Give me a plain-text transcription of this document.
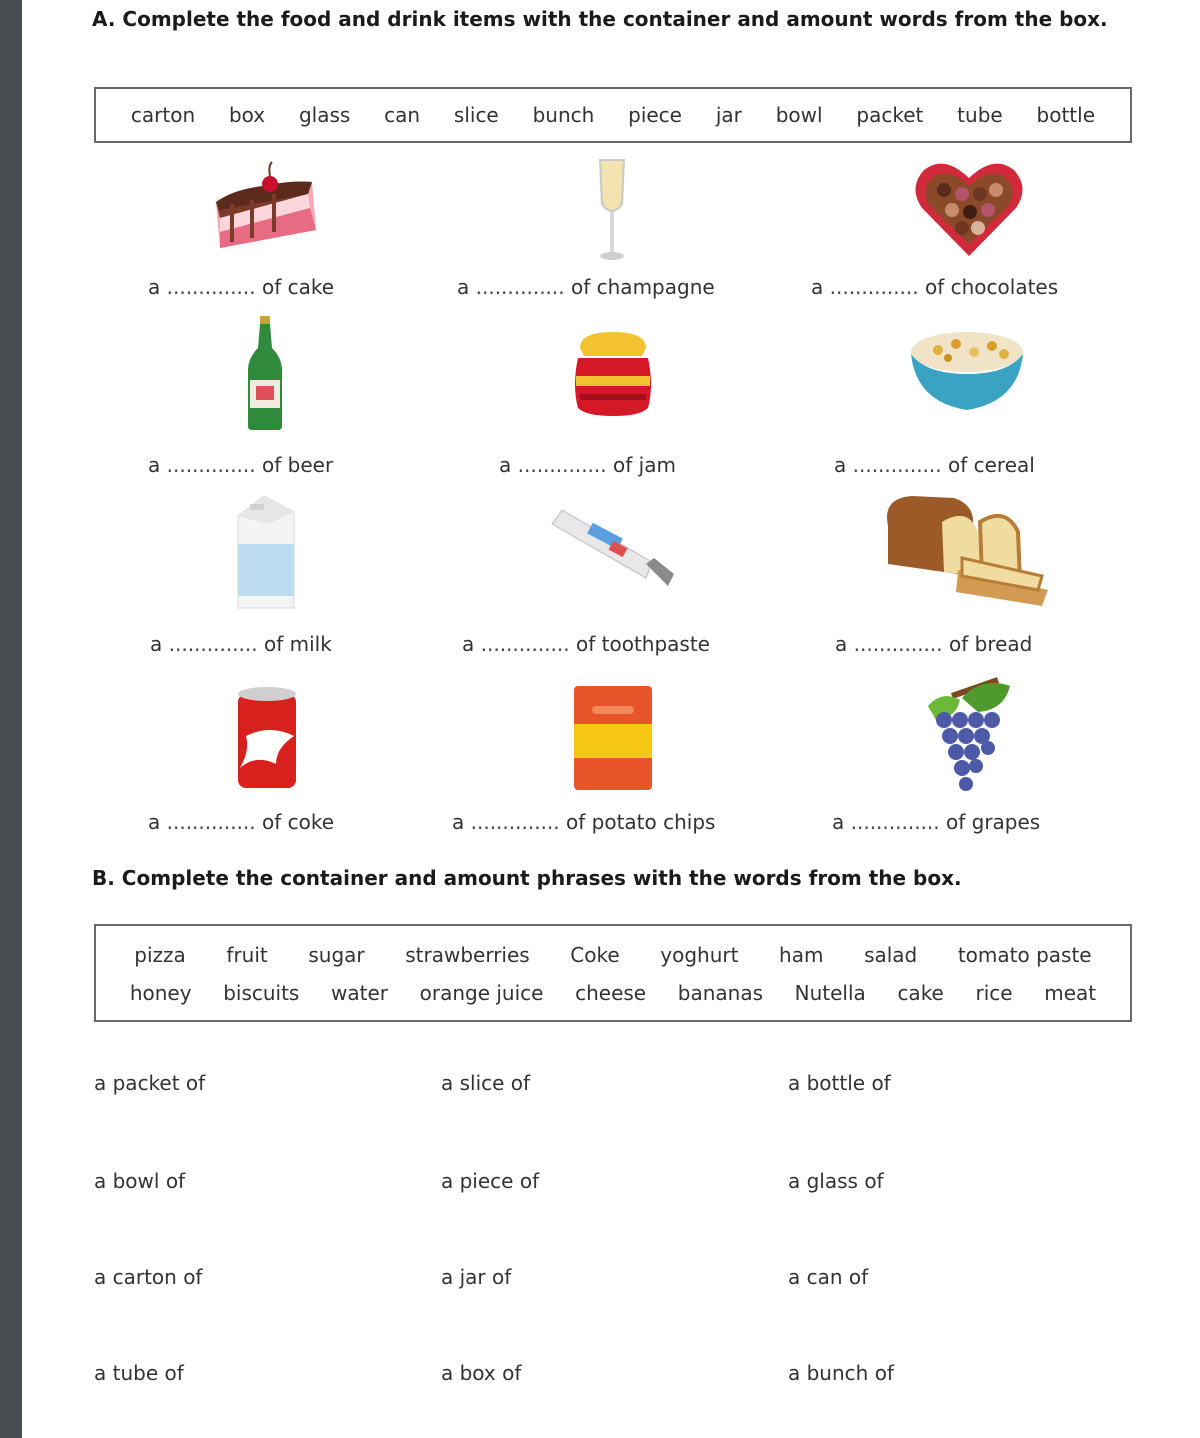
A. Complete the food and drink items with the container and amount words from the box.
carton box glass can slice bunch piece jar bowl packet tube bottle
a .............. of cake	a .............. of champagne	a .............. of chocolates
a .............. of beer	a .............. of jam	a .............. of cereal
a .............. of milk	a .............. of toothpaste	a .............. of bread
a .............. of coke	a .............. of potato chips	a .............. of grapes
B. Complete the container and amount phrases with the words from the box.
pizza fruit sugar strawberries Coke yoghurt ham salad tomato paste
honey biscuits water orange juice cheese bananas Nutella cake rice meat
a packet of	a slice of	a bottle of
a bowl of	a piece of	a glass of
a carton of	a jar of	a can of
a tube of	a box of	a bunch of
